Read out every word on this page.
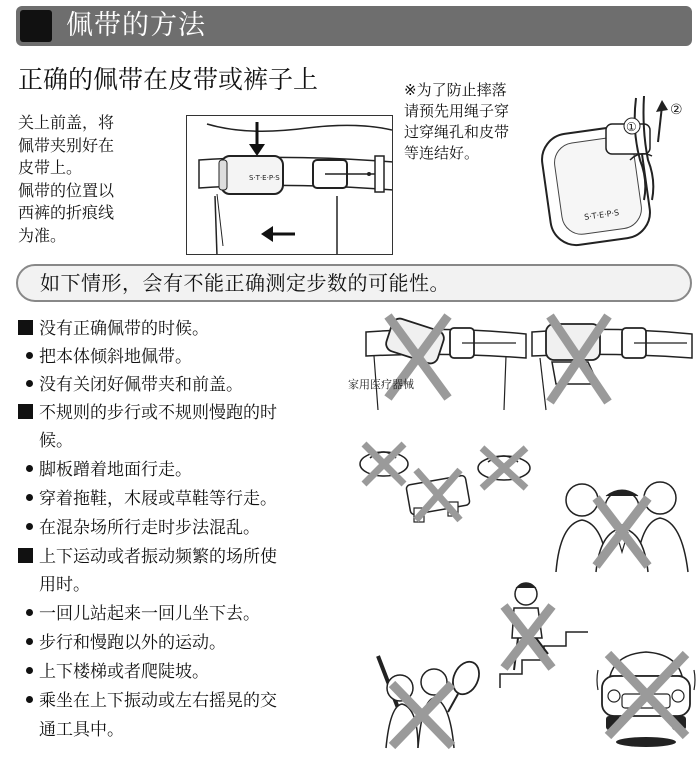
佩带的方法
正确的佩带在皮带或裤子上
关上前盖，将
佩带夹别好在
皮带上。
佩带的位置以
西裤的折痕线
为准。
S·T·E·P·S
※为了防止摔落
请预先用绳子穿
过穿绳孔和皮带
等连结好。
S·T·E·P·S
①
②
如下情形，会有不能正确测定步数的可能性。
没有正确佩带的时候。
把本体倾斜地佩带。
没有关闭好佩带夹和前盖。
不规则的步行或不规则慢跑的时
候。
脚板蹭着地面行走。
穿着拖鞋，木屐或草鞋等行走。
在混杂场所行走时步法混乱。
上下运动或者振动频繁的场所使
用时。
一回儿站起来一回儿坐下去。
步行和慢跑以外的运动。
上下楼梯或者爬陡坡。
乘坐在上下振动或左右摇晃的交
通工具中。
家用医疗器械
